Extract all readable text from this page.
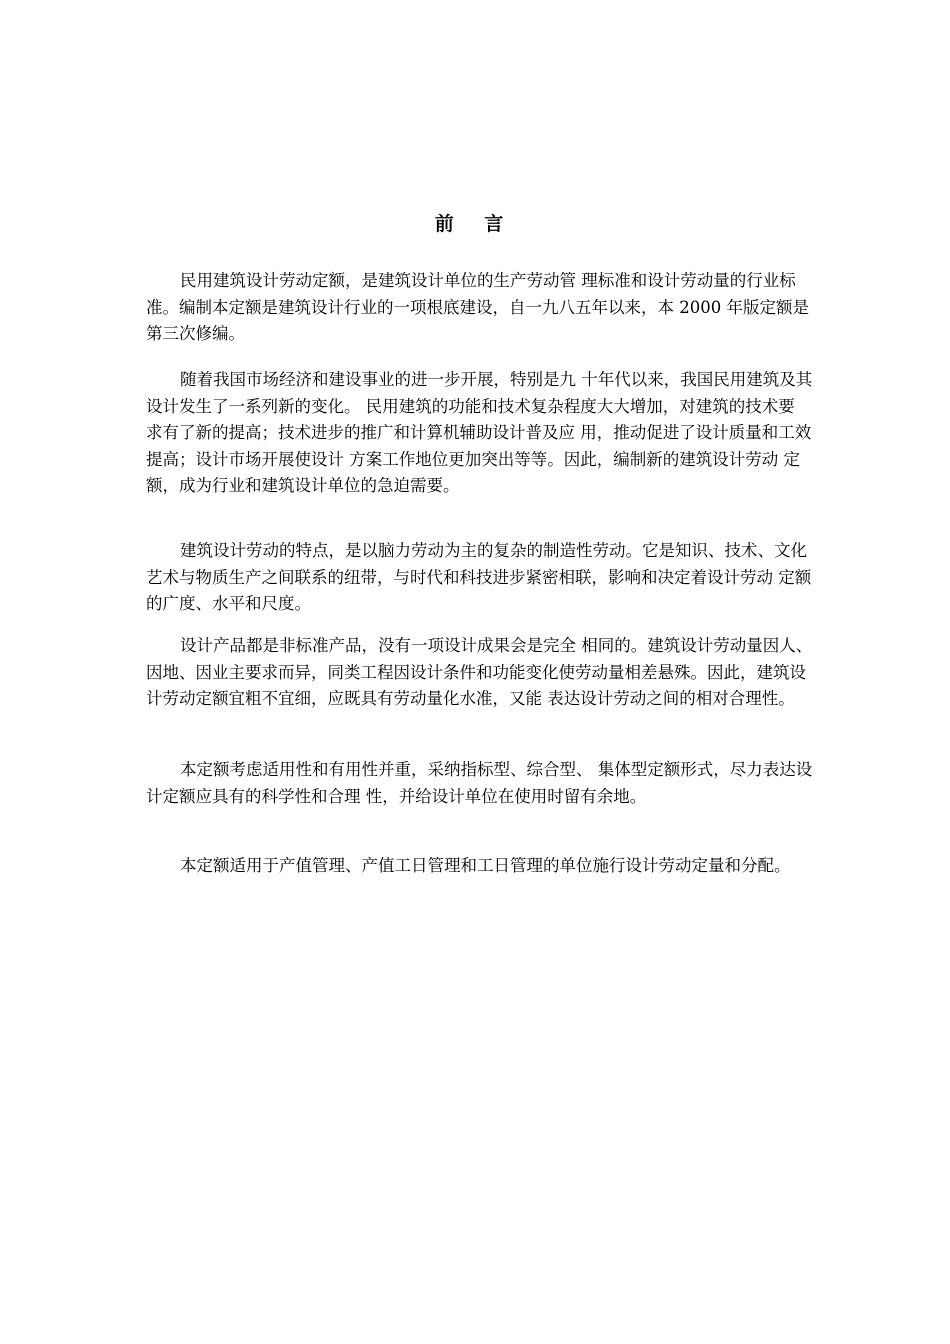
前 言

民用建筑设计劳动定额，是建筑设计单位的生产劳动管 理标准和设计劳动量的行业标准。编制本定额是建筑设计行业的一项根底建设，自一九八五年以来，本 2000 年版定额是 第三次修编。

随着我国市场经济和建设事业的进一步开展，特别是九 十年代以来，我国民用建筑及其设计发生了一系列新的变化。 民用建筑的功能和技术复杂程度大大增加，对建筑的技术要 求有了新的提高；技术进步的推广和计算机辅助设计普及应 用，推动促进了设计质量和工效提高；设计市场开展使设计 方案工作地位更加突出等等。因此，编制新的建筑设计劳动 定额，成为行业和建筑设计单位的急迫需要。

建筑设计劳动的特点，是以脑力劳动为主的复杂的制造性劳动。它是知识、技术、文化艺术与物质生产之间联系的纽带，与时代和科技进步紧密相联，影响和决定着设计劳动 定额的广度、水平和尺度。

设计产品都是非标准产品，没有一项设计成果会是完全 相同的。建筑设计劳动量因人、因地、因业主要求而异，同类工程因设计条件和功能变化使劳动量相差悬殊。因此，建筑设计劳动定额宜粗不宜细，应既具有劳动量化水准，又能 表达设计劳动之间的相对合理性。

本定额考虑适用性和有用性并重，采纳指标型、综合型、 集体型定额形式，尽力表达设计定额应具有的科学性和合理 性，并给设计单位在使用时留有余地。

本定额适用于产值管理、产值工日管理和工日管理的单位施行设计劳动定量和分配。
